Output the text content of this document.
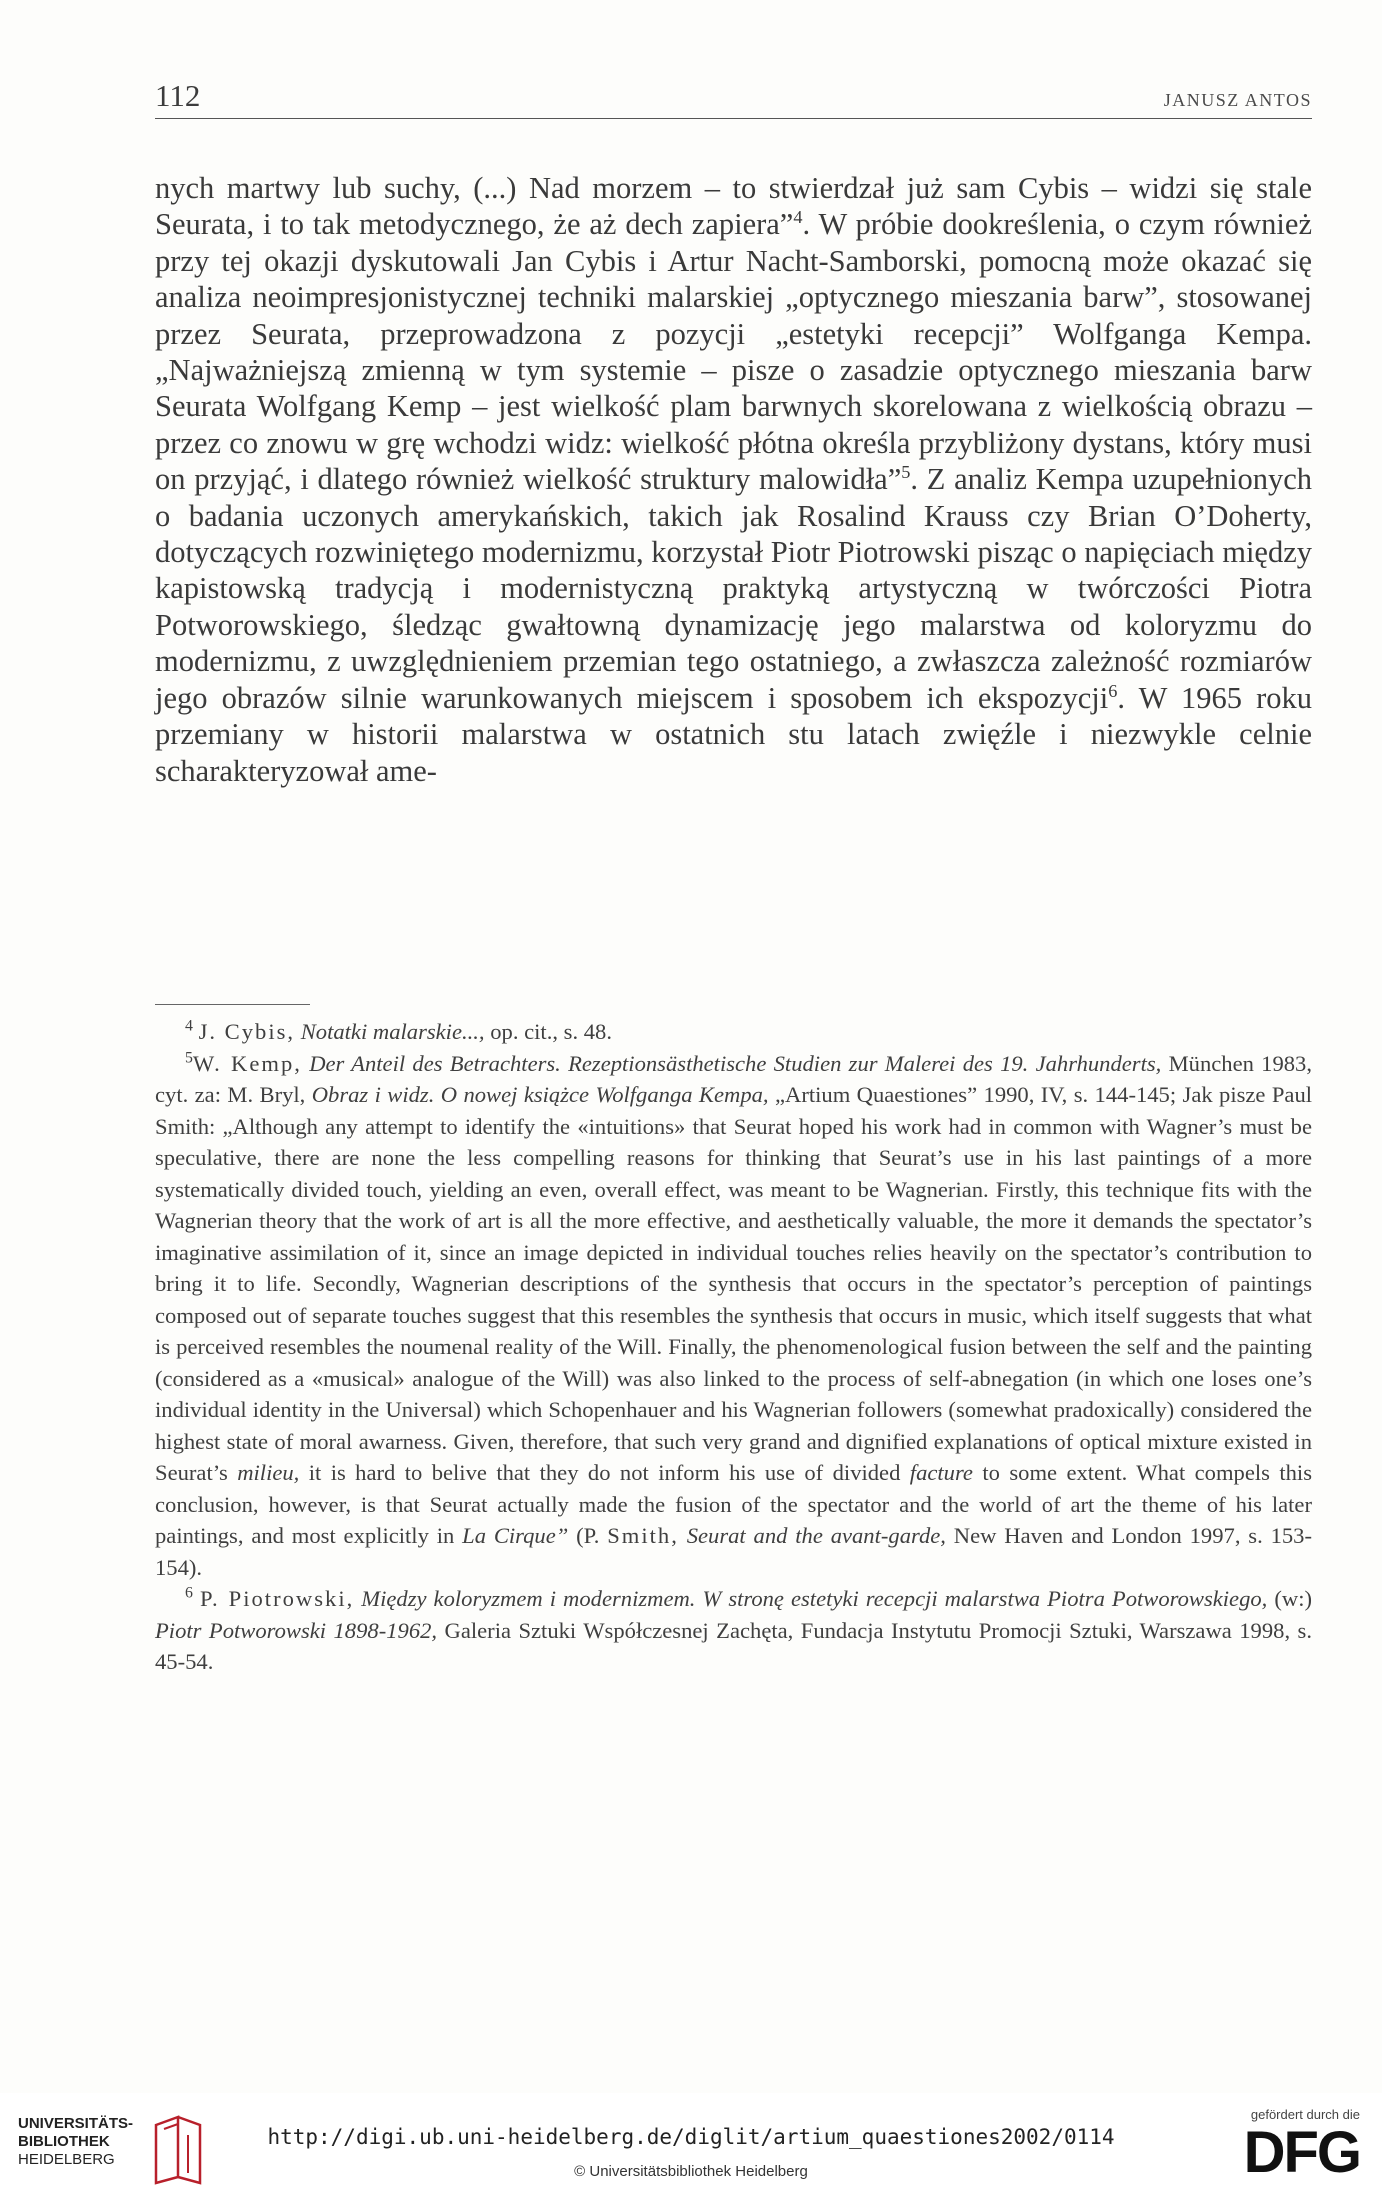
112	JANUSZ ANTOS

nych martwy lub suchy, (...) Nad morzem – to stwierdzał już sam Cybis – widzi się stale Seurata, i to tak metodycznego, że aż dech zapiera”$^4$. W próbie dookreślenia, o czym również przy tej okazji dyskutowali Jan Cybis i Artur Nacht-Samborski, pomocną może okazać się analiza neoimpresjonistycznej techniki malarskiej „optycznego mieszania barw”, stosowanej przez Seurata, przeprowadzona z pozycji „estetyki recepcji” Wolfganga Kempa. „Najważniejszą zmienną w tym systemie – pisze o zasadzie optycznego mieszania barw Seurata Wolfgang Kemp – jest wielkość plam barwnych skorelowana z wielkością obrazu – przez co znowu w grę wchodzi widz: wielkość płótna określa przybliżony dystans, który musi on przyjąć, i dlatego również wielkość struktury malowidła”$^5$. Z analiz Kempa uzupełnionych o badania uczonych amerykańskich, takich jak Rosalind Krauss czy Brian O’Doherty, dotyczących rozwiniętego modernizmu, korzystał Piotr Piotrowski pisząc o napięciach między kapistowską tradycją i modernistyczną praktyką artystyczną w twórczości Piotra Potworowskiego, śledząc gwałtowną dynamizację jego malarstwa od koloryzmu do modernizmu, z uwzględnieniem przemian tego ostatniego, a zwłaszcza zależność rozmiarów jego obrazów silnie warunkowanych miejscem i sposobem ich ekspozycji$^6$. W 1965 roku przemiany w historii malarstwa w ostatnich stu latach zwięźle i niezwykle celnie scharakteryzował ame-

$^4$ J. Cybis, Notatki malarskie..., op. cit., s. 48.

$^5$W. Kemp, Der Anteil des Betrachters. Rezeptionsästhetische Studien zur Malerei des 19. Jahrhunderts, München 1983, cyt. za: M. Bryl, Obraz i widz. O nowej książce Wolfganga Kempa, „Artium Quaestiones” 1990, IV, s. 144-145; Jak pisze Paul Smith: „Although any attempt to identify the «intuitions» that Seurat hoped his work had in common with Wagner’s must be speculative, there are none the less compelling reasons for thinking that Seurat’s use in his last paintings of a more systematically divided touch, yielding an even, overall effect, was meant to be Wagnerian. Firstly, this technique fits with the Wagnerian theory that the work of art is all the more effective, and aesthetically valuable, the more it demands the spectator’s imaginative assimilation of it, since an image depicted in individual touches relies heavily on the spectator’s contribution to bring it to life. Secondly, Wagnerian descriptions of the synthesis that occurs in the spectator’s perception of paintings composed out of separate touches suggest that this resembles the synthesis that occurs in music, which itself suggests that what is perceived resembles the noumenal reality of the Will. Finally, the phenomenological fusion between the self and the painting (considered as a «musical» analogue of the Will) was also linked to the process of self-abnegation (in which one loses one’s individual identity in the Universal) which Schopenhauer and his Wagnerian followers (somewhat pradoxically) considered the highest state of moral awarness. Given, therefore, that such very grand and dignified explanations of optical mixture existed in Seurat’s milieu, it is hard to belive that they do not inform his use of divided facture to some extent. What compels this conclusion, however, is that Seurat actually made the fusion of the spectator and the world of art the theme of his later paintings, and most explicitly in La Cirque” (P. Smith, Seurat and the avant-garde, New Haven and London 1997, s. 153-154).

$^6$ P. Piotrowski, Między koloryzmem i modernizmem. W stronę estetyki recepcji malarstwa Piotra Potworowskiego, (w:) Piotr Potworowski 1898-1962, Galeria Sztuki Współczesnej Zachęta, Fundacja Instytutu Promocji Sztuki, Warszawa 1998, s. 45-54.

UNIVERSITÄTS-
BIBLIOTHEK
HEIDELBERG
http://digi.ub.uni-heidelberg.de/diglit/artium_quaestiones2002/0114
© Universitätsbibliothek Heidelberg
gefördert durch die
DFG
